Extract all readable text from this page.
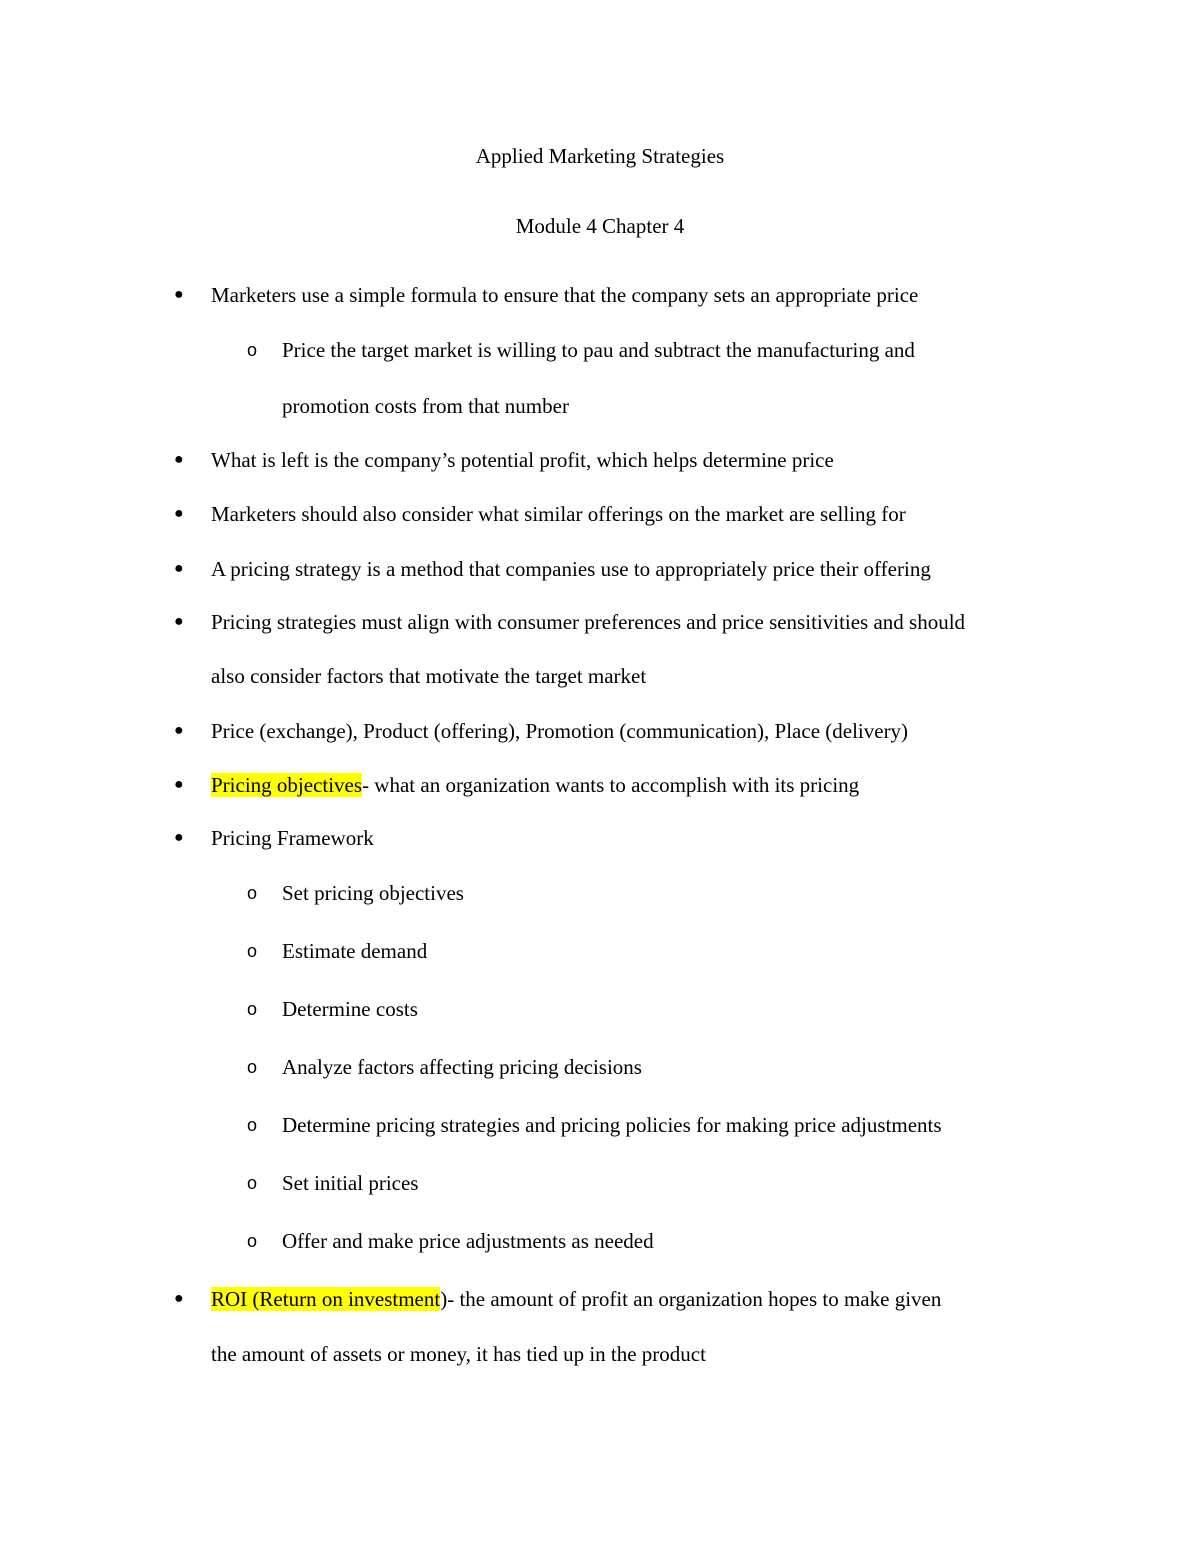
Applied Marketing Strategies
Module 4 Chapter 4
● Marketers use a simple formula to ensure that the company sets an appropriate price
o Price the target market is willing to pau and subtract the manufacturing and
promotion costs from that number
● What is left is the company’s potential profit, which helps determine price
● Marketers should also consider what similar offerings on the market are selling for
● A pricing strategy is a method that companies use to appropriately price their offering
● Pricing strategies must align with consumer preferences and price sensitivities and should
also consider factors that motivate the target market
● Price (exchange), Product (offering), Promotion (communication), Place (delivery)
● Pricing objectives- what an organization wants to accomplish with its pricing
● Pricing Framework
o Set pricing objectives
o Estimate demand
o Determine costs
o Analyze factors affecting pricing decisions
o Determine pricing strategies and pricing policies for making price adjustments
o Set initial prices
o Offer and make price adjustments as needed
● ROI (Return on investment)- the amount of profit an organization hopes to make given
the amount of assets or money, it has tied up in the product
